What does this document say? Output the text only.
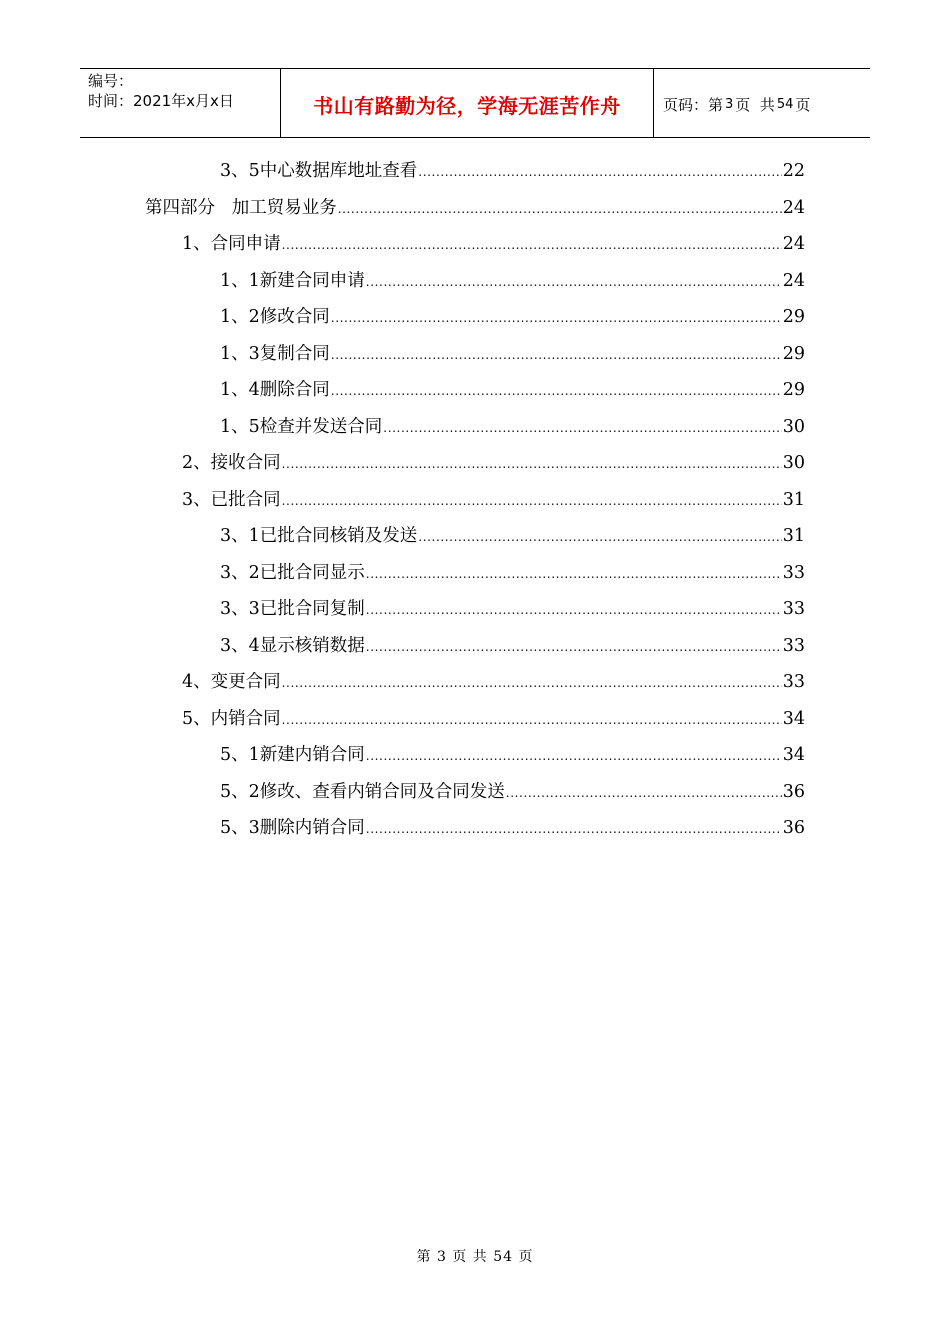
编号：
时间：2021年x月x日	书山有路勤为径，学海无涯苦作舟	页码：第 3 页  共 54 页
3、5中心数据库地址查看 .....	22
第四部分   加工贸易业务 .....	24
1、合同申请 .....	24
1、1新建合同申请 .....	24
1、2修改合同 .....	29
1、3复制合同 .....	29
1、4删除合同 .....	29
1、5检查并发送合同 .....	30
2、接收合同 .....	30
3、已批合同 .....	31
3、1已批合同核销及发送 .....	31
3、2已批合同显示 .....	33
3、3已批合同复制 .....	33
3、4显示核销数据 .....	33
4、变更合同 .....	33
5、内销合同 .....	34
5、1新建内销合同 .....	34
5、2修改、查看内销合同及合同发送 .....	36
5、3删除内销合同 .....	36
第 3 页 共 54 页
